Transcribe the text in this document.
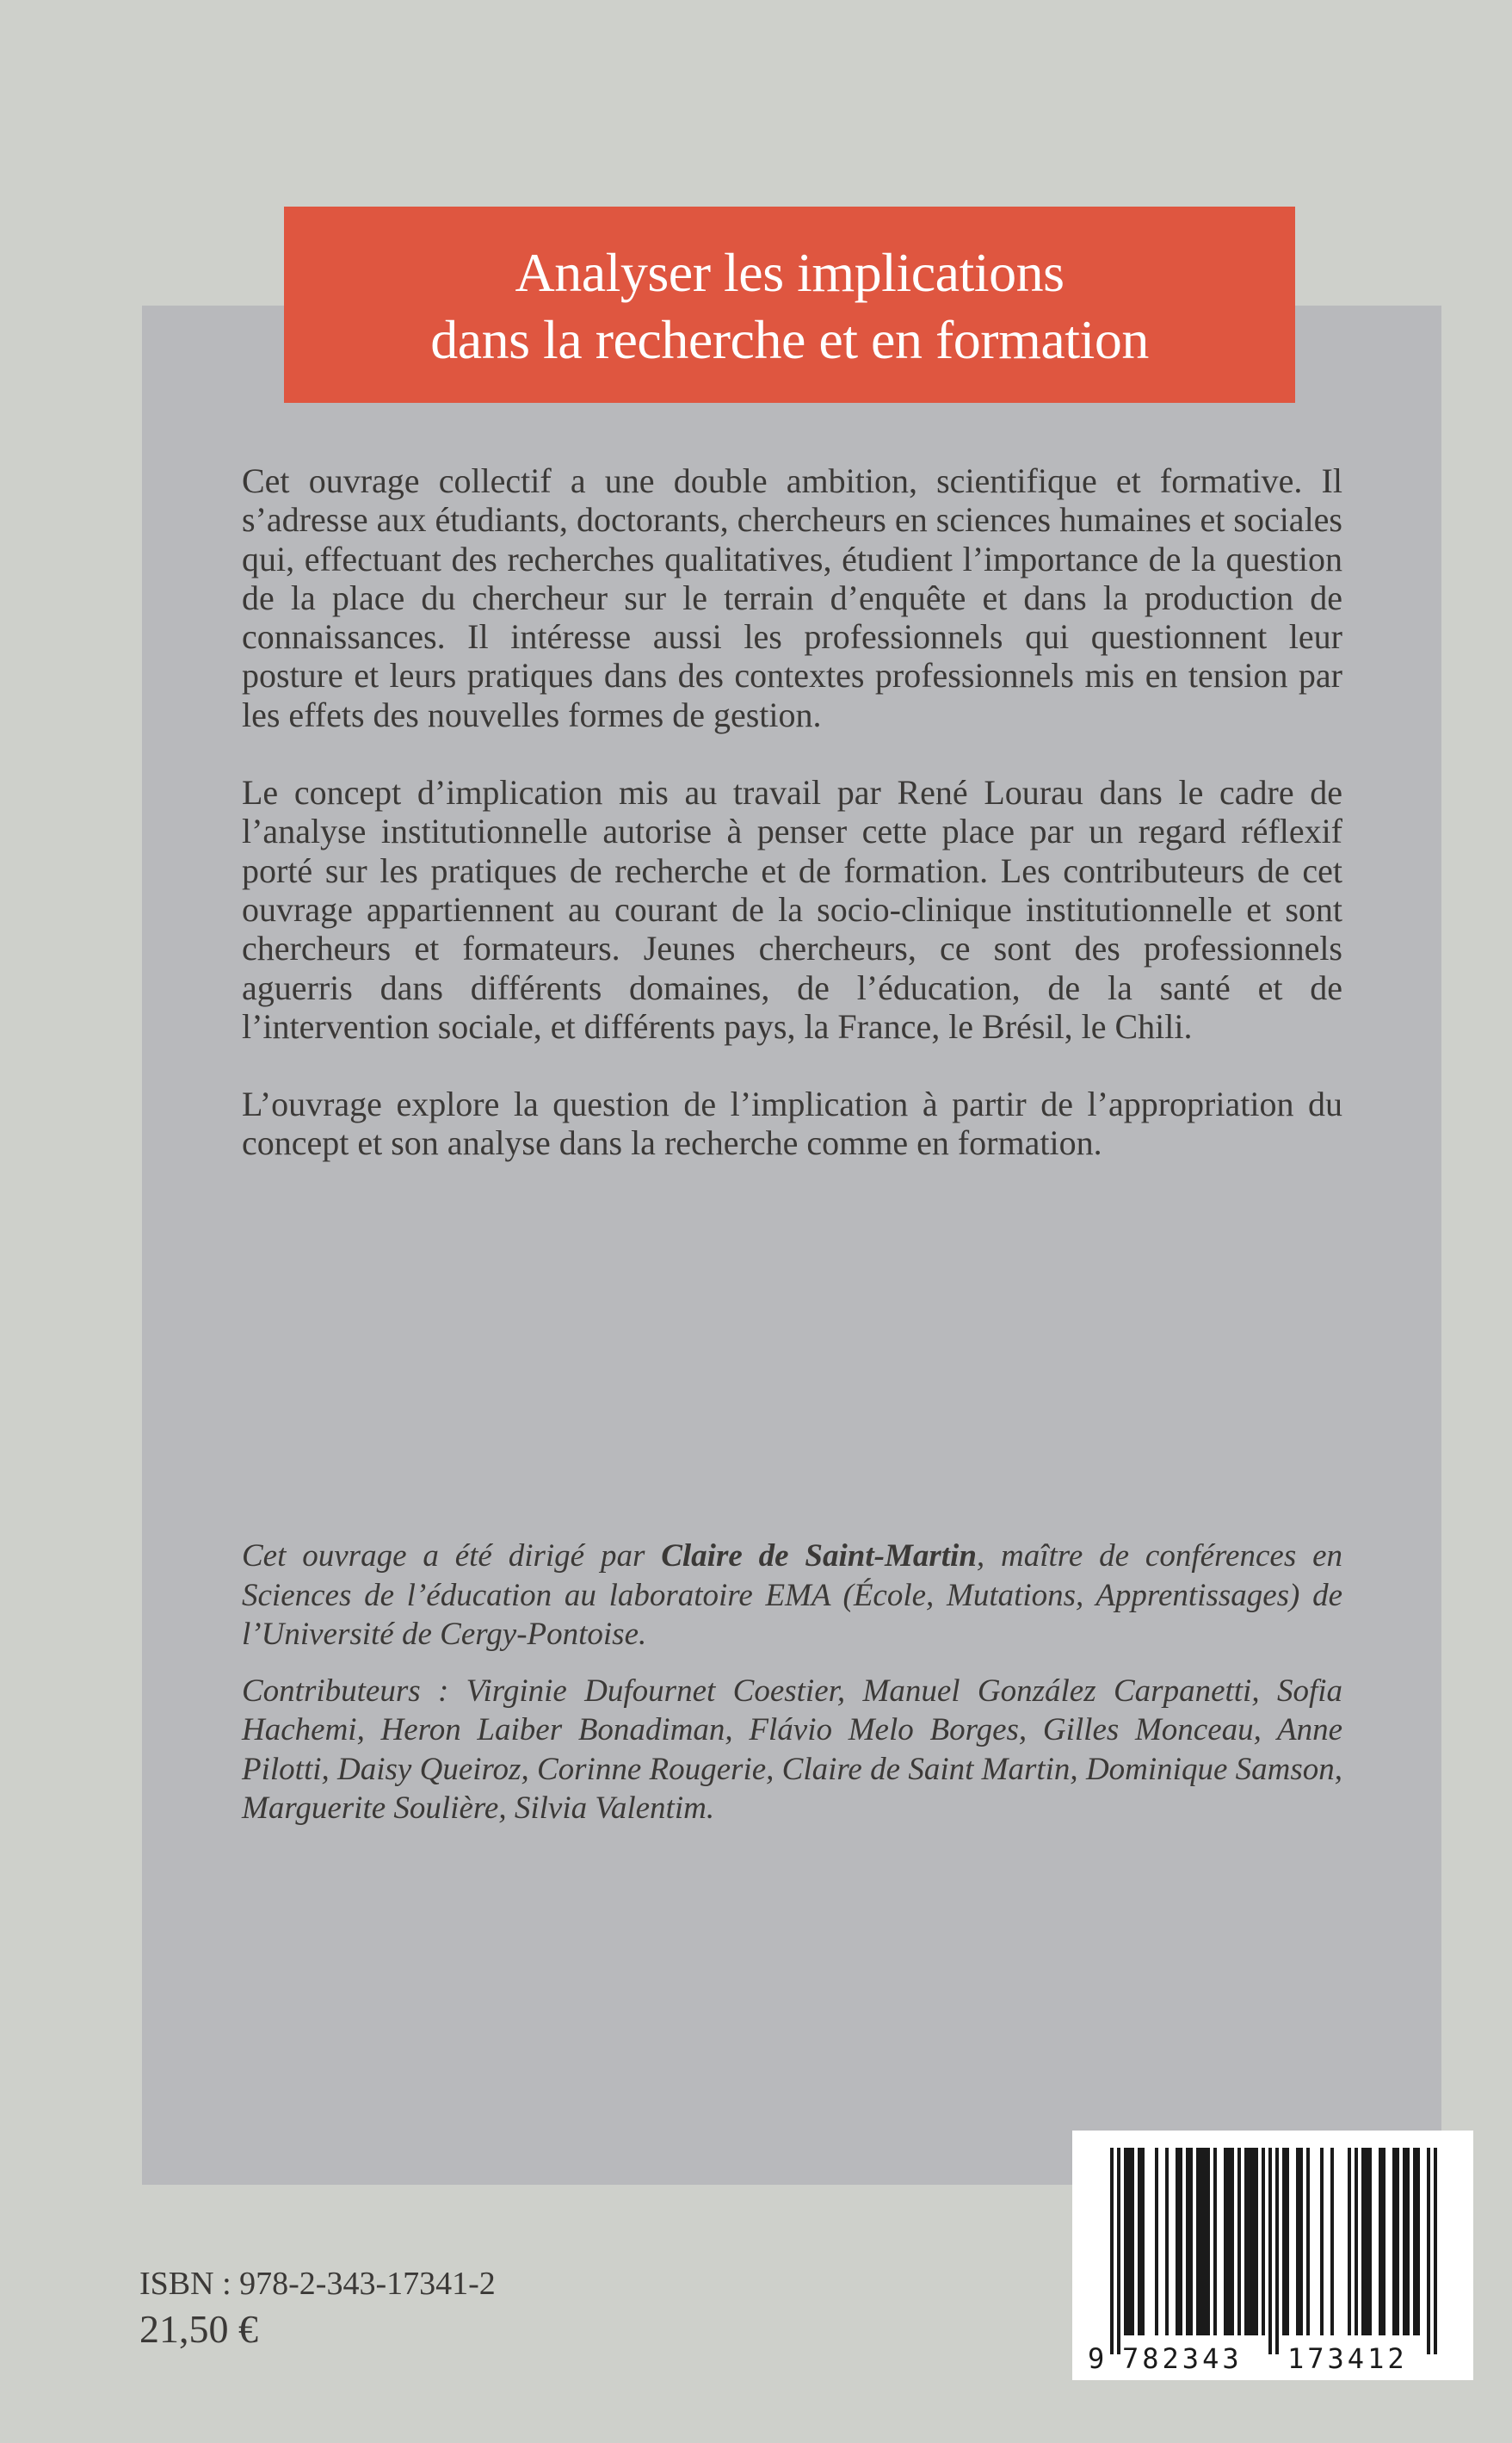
Analyser les implications
dans la recherche et en formation

Cet ouvrage collectif a une double ambition, scientifique et formative. Il s’adresse aux étudiants, doctorants, chercheurs en sciences humaines et sociales qui, effectuant des recherches qualitatives, étudient l’importance de la question de la place du chercheur sur le terrain d’enquête et dans la production de connaissances. Il intéresse aussi les professionnels qui questionnent leur posture et leurs pratiques dans des contextes professionnels mis en tension par les effets des nouvelles formes de gestion.

Le concept d’implication mis au travail par René Lourau dans le cadre de l’analyse institutionnelle autorise à penser cette place par un regard réflexif porté sur les pratiques de recherche et de formation. Les contributeurs de cet ouvrage appartiennent au courant de la socio-clinique institutionnelle et sont chercheurs et formateurs. Jeunes chercheurs, ce sont des professionnels aguerris dans différents domaines, de l’éducation, de la santé et de l’intervention sociale, et différents pays, la France, le Brésil, le Chili.

L’ouvrage explore la question de l’implication à partir de l’appropriation du concept et son analyse dans la recherche comme en formation.

Cet ouvrage a été dirigé par Claire de Saint-Martin, maître de conférences en Sciences de l’éducation au laboratoire EMA (École, Mutations, Apprentissages) de l’Université de Cergy-Pontoise.

Contributeurs : Virginie Dufournet Coestier, Manuel González Carpanetti, Sofia Hachemi, Heron Laiber Bonadiman, Flávio Melo Borges, Gilles Monceau, Anne Pilotti, Daisy Queiroz, Corinne Rougerie, Claire de Saint Martin, Dominique Samson, Marguerite Soulière, Silvia Valentim.

ISBN : 978-2-343-17341-2
21,50 €
9 782343 173412
